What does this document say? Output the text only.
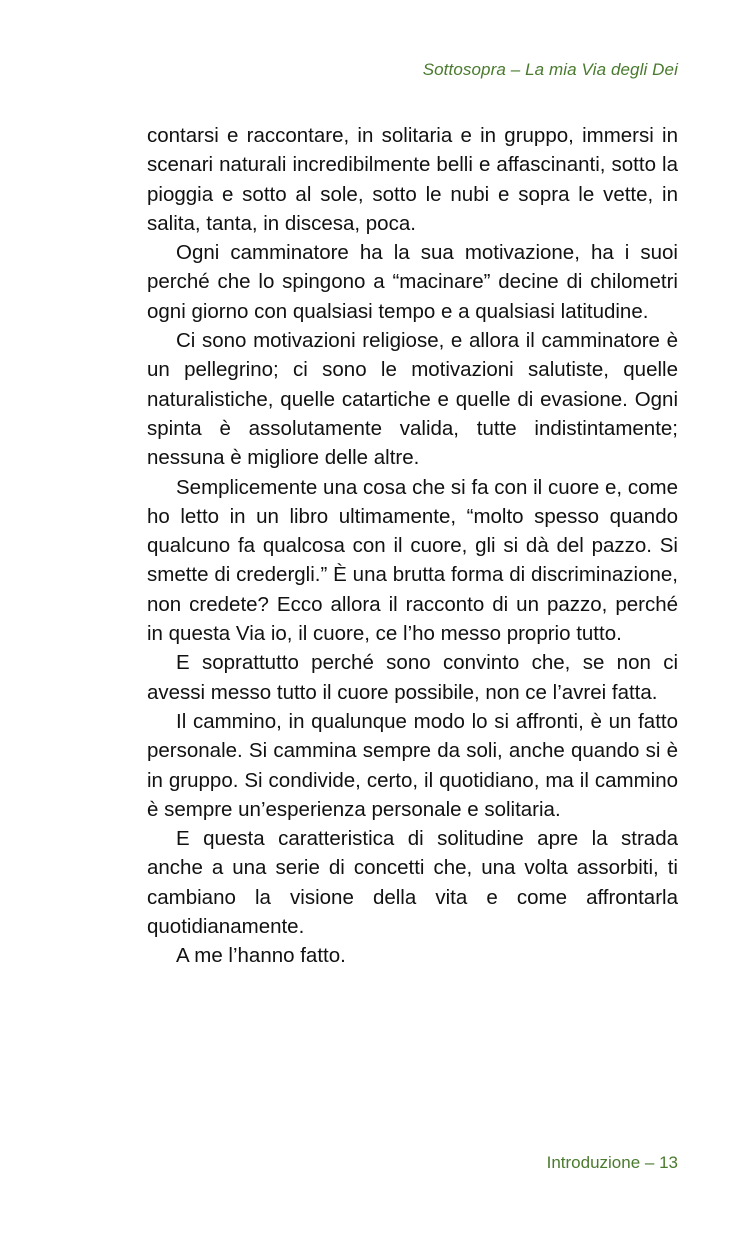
Sottosopra – La mia Via degli Dei

contarsi e raccontare, in solitaria e in gruppo, immersi in scenari naturali incredibilmente belli e affascinanti, sotto la pioggia e sotto al sole, sotto le nubi e sopra le vette, in salita, tanta, in discesa, poca.

Ogni camminatore ha la sua motivazione, ha i suoi perché che lo spingono a “macinare” decine di chilometri ogni giorno con qualsiasi tempo e a qualsiasi latitudine.

Ci sono motivazioni religiose, e allora il camminatore è un pellegrino; ci sono le motivazioni salutiste, quelle naturalistiche, quelle catartiche e quelle di evasione. Ogni spinta è assolutamente valida, tutte indistintamente; nessuna è migliore delle altre.

Semplicemente una cosa che si fa con il cuore e, come ho letto in un libro ultimamente, “molto spesso quando qualcuno fa qualcosa con il cuore, gli si dà del pazzo. Si smette di credergli.” È una brutta forma di discriminazione, non credete? Ecco allora il racconto di un pazzo, perché in questa Via io, il cuore, ce l’ho messo proprio tutto.

E soprattutto perché sono convinto che, se non ci avessi messo tutto il cuore possibile, non ce l’avrei fatta.

Il cammino, in qualunque modo lo si affronti, è un fatto personale. Si cammina sempre da soli, anche quando si è in gruppo. Si condivide, certo, il quotidiano, ma il cammino è sempre un’esperienza personale e solitaria.

E questa caratteristica di solitudine apre la strada anche a una serie di concetti che, una volta assorbiti, ti cambiano la visione della vita e come affrontarla quotidianamente.

A me l’hanno fatto.

Introduzione – 13
